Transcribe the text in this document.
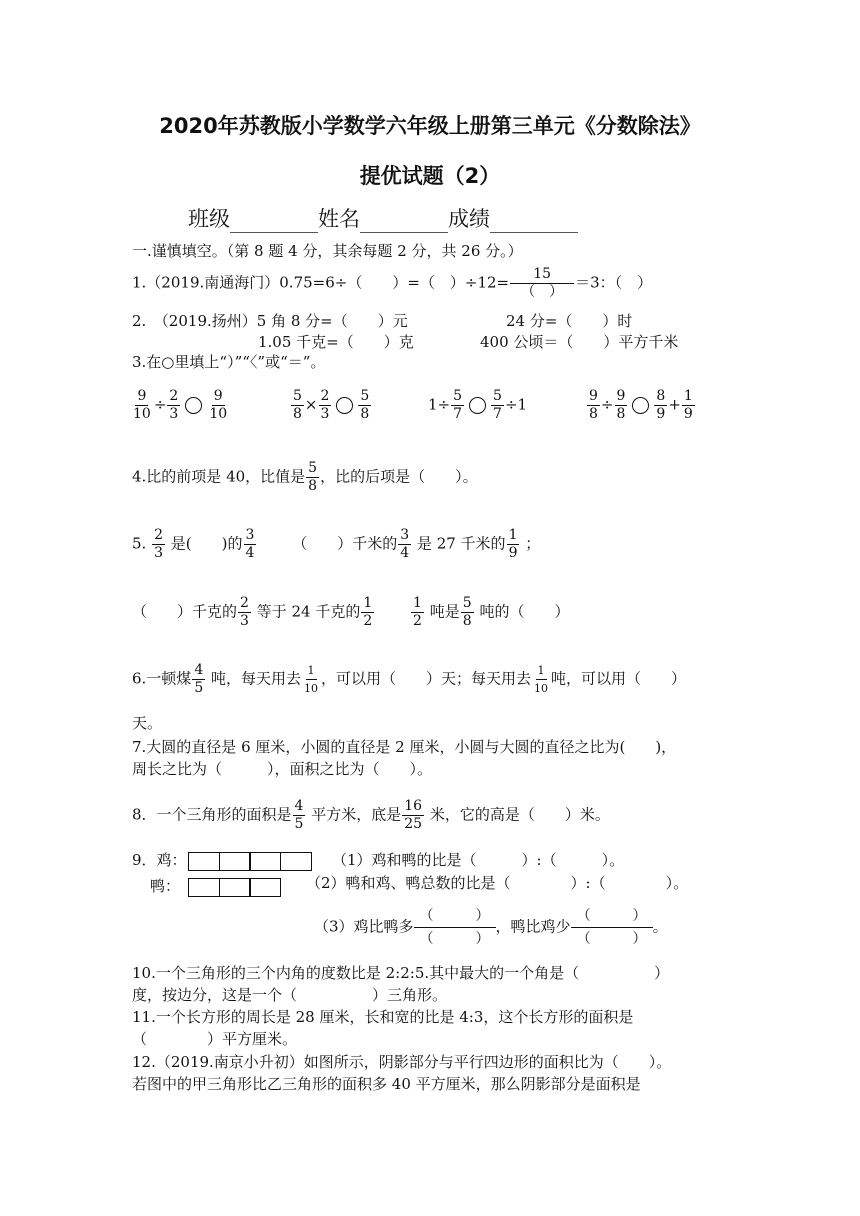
2020年苏教版小学数学六年级上册第三单元《分数除法》
提优试题（2）
班级	姓名	成绩
一.谨慎填空。（第 8 题 4 分，其余每题 2 分，共 26 分。）
1.（2019.南通海门）0.75=6÷（　　）=（　）$\div 12= \frac{15}{( )} =3$：（　）
2.　（2019.扬州）5 角 8 分=（　　）元	24 分=（　　）时
1.05 千克=（　　）克	400 公顷＝（　　）平方千米
3.在○里填上“）”“〈”或“＝”。
$\frac{9}{10} \div \frac{2}{3} \frac{9}{10}$	$\frac{5}{8} \times \frac{2}{3} \frac{5}{8}$	$1\div \frac{5}{7} \frac{5}{7} \div 1$	$\frac{9}{8} \div \frac{9}{8} \frac{8}{9} + \frac{1}{9}$
4.比的前项是 40，比值是 $\frac{5}{8}$ ，比的后项是（　　）。
5. $\frac{2}{3}$ 是(　　)的 $\frac{3}{4}$
　　 （　　）千米的 $\frac{3}{4}$ 是 27 千米的 $\frac{1}{9}$ ；
（　　）千克的 $\frac{2}{3}$ 等于 24 千克的 $\frac{1}{2}$
　　	$\frac{1}{2}$ 吨是 $\frac{5}{8}$ 吨的（　　）
6.一顿煤 $\frac{4}{5}$ 吨，每天用去 $\frac{1}{10}$ ，可以用（　　）天；每天用去 $\frac{1}{10}$ 吨，可以用（　　）
天。
7.大圆的直径是 6 厘米，小圆的直径是 2 厘米，小圆与大圆的直径之比为(　　)，
周长之比为（　　　），面积之比为（　　）。
8．一个三角形的面积是 $\frac{4}{5}$ 平方米，底是 $\frac{16}{25}$ 米，它的高是（　　）米。
9．鸡：
鸭：
（1）鸡和鸭的比是（　　　）:（　　　）。
（2）鸭和鸡、鸭总数的比是（　　　　）:（　　　　）。
（3）鸡比鸭多
（　　　）
（　　　）
，鸭比鸡少
（　　　）
（　　　）
。
10.一个三角形的三个内角的度数比是 2:2:5.其中最大的一个角是（　　　　　）
度，按边分，这是一个（　　　　　）三角形。
11.一个长方形的周长是 28 厘米，长和宽的比是 4:3，这个长方形的面积是
（　　　　）平方厘米。
12.（2019.南京小升初）如图所示，阴影部分与平行四边形的面积比为（　　）。
若图中的甲三角形比乙三角形的面积多 40 平方厘米，那么阴影部分是面积是
